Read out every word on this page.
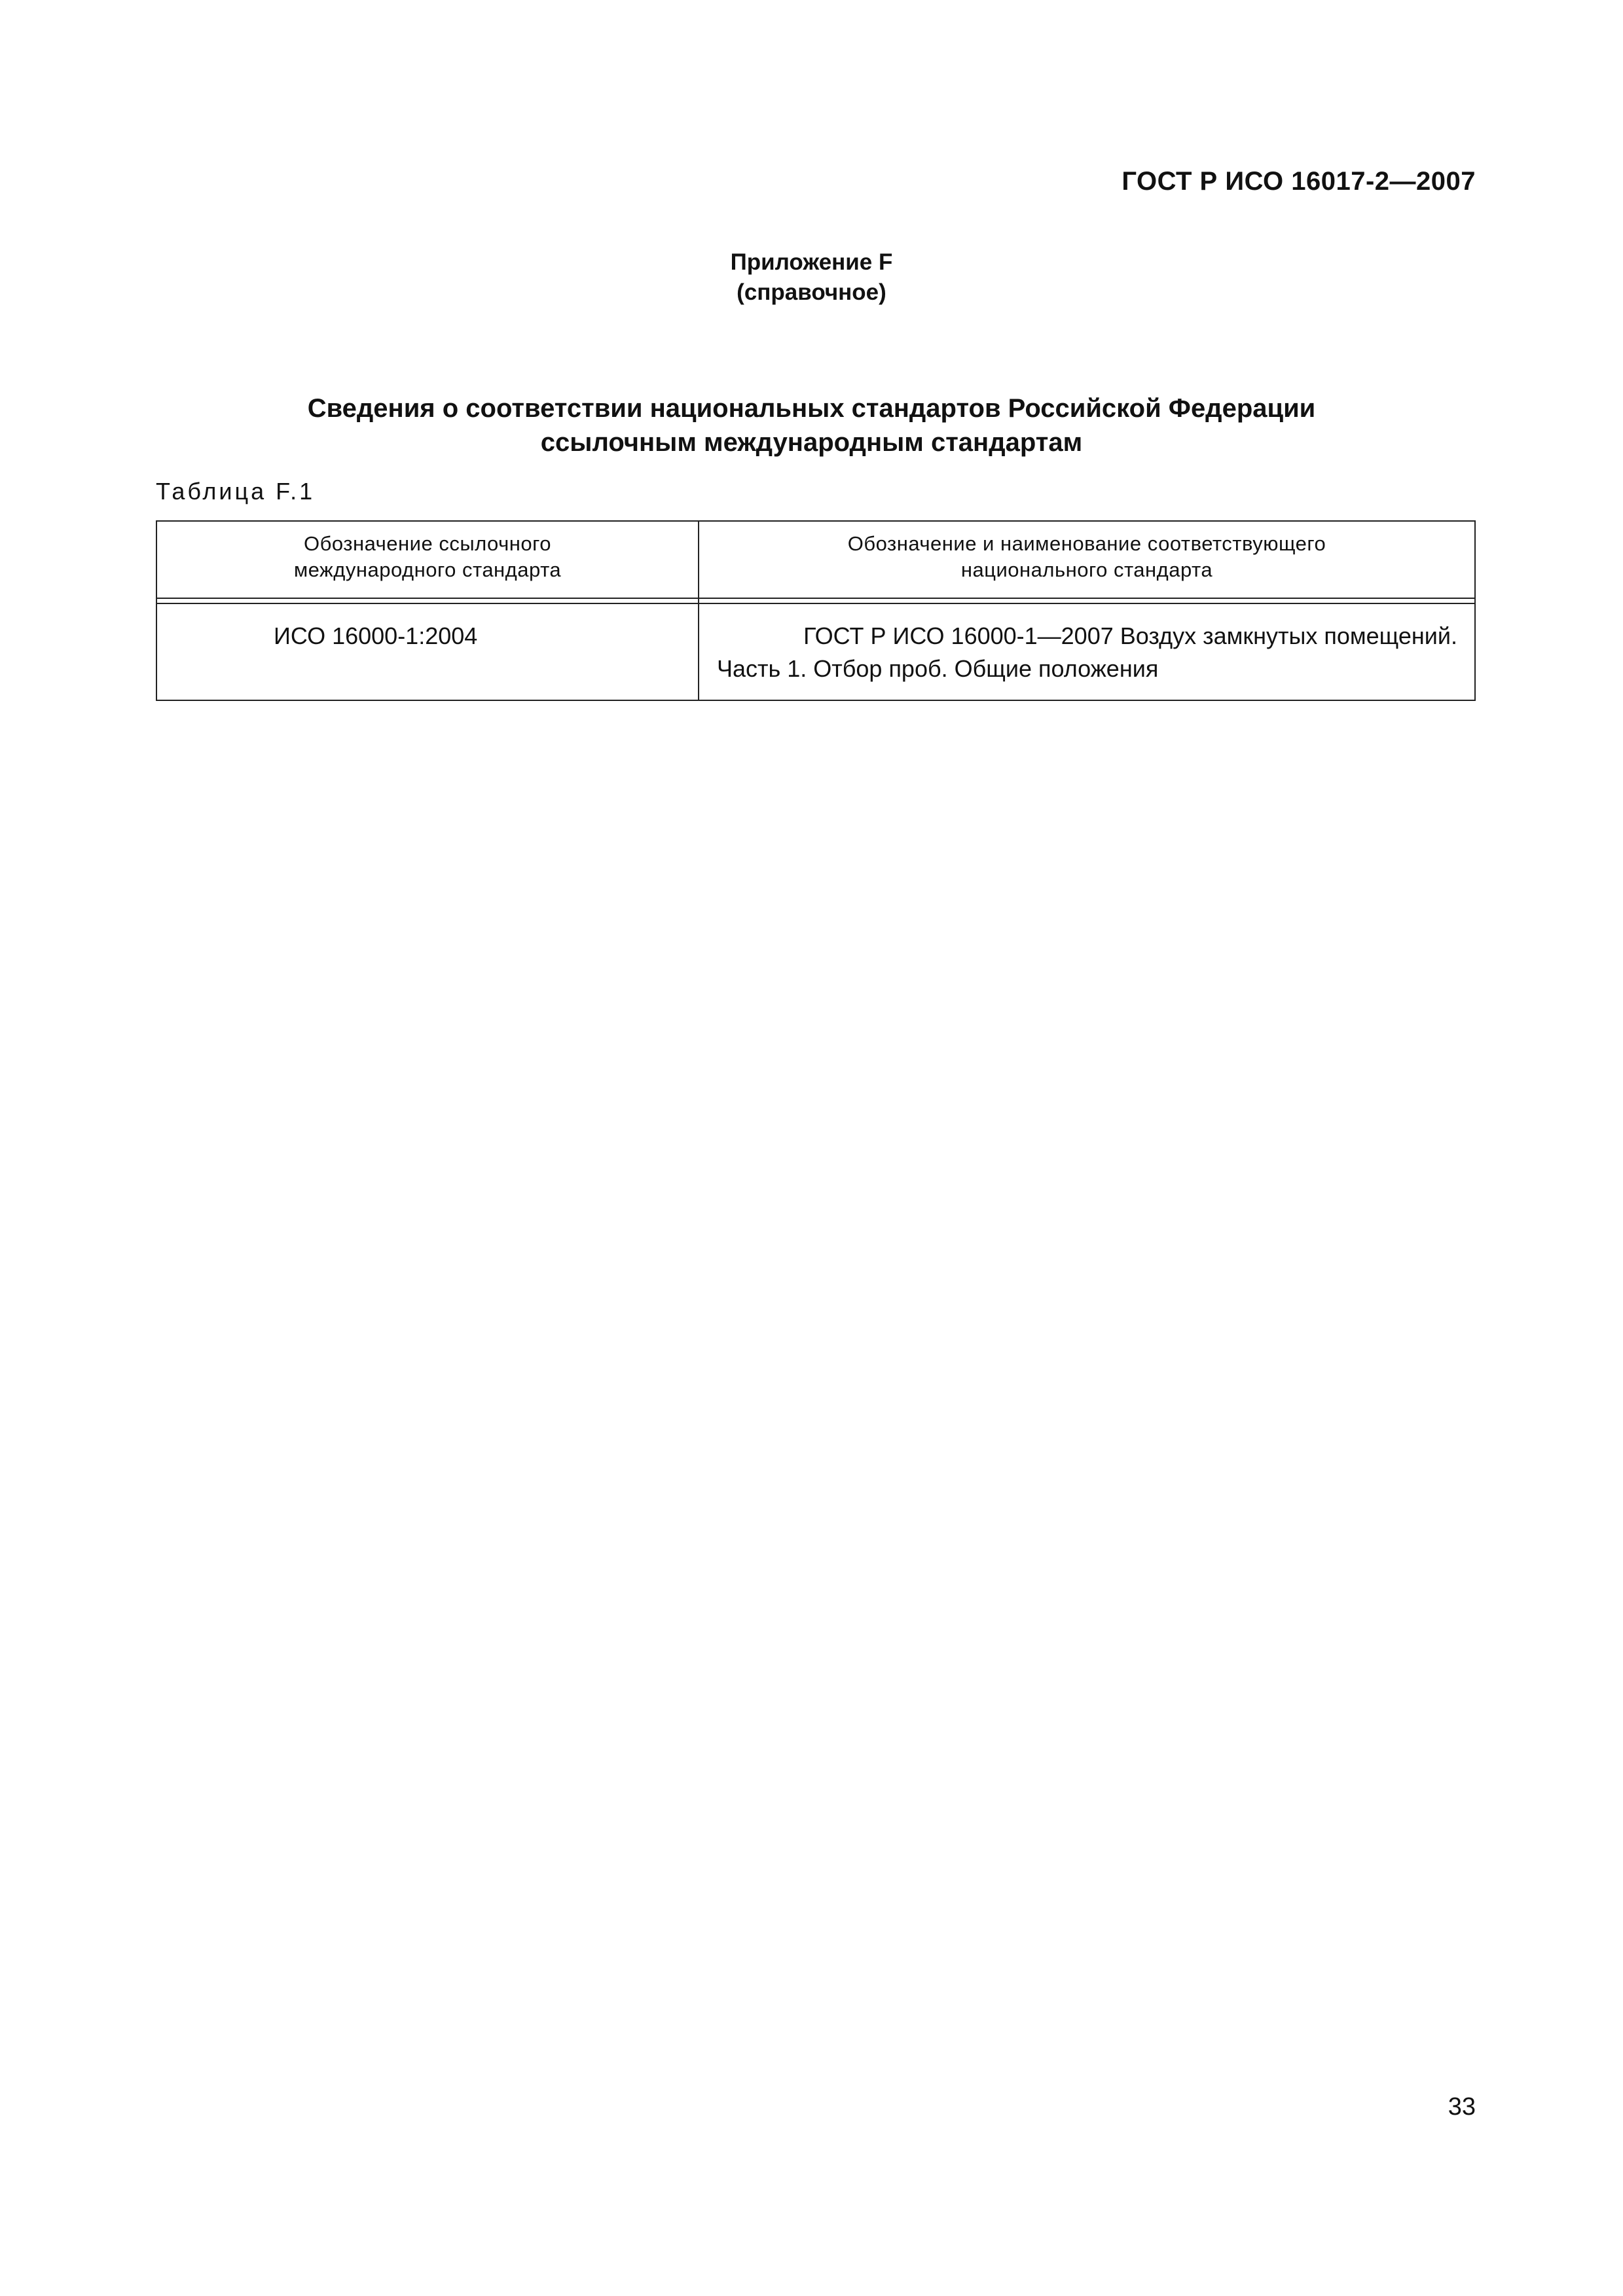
ГОСТ Р ИСО 16017-2—2007
Приложение F
(справочное)
Сведения о соответствии национальных стандартов Российской Федерации
ссылочным международным стандартам
Таблица F.1
Обозначение ссылочного
международного стандарта
Обозначение и наименование соответствующего
национального стандарта
ИСО 16000-1:2004	ГОСТ Р ИСО 16000-1—2007 Воздух замкнутых помещений.
Часть 1. Отбор проб. Общие положения
33
